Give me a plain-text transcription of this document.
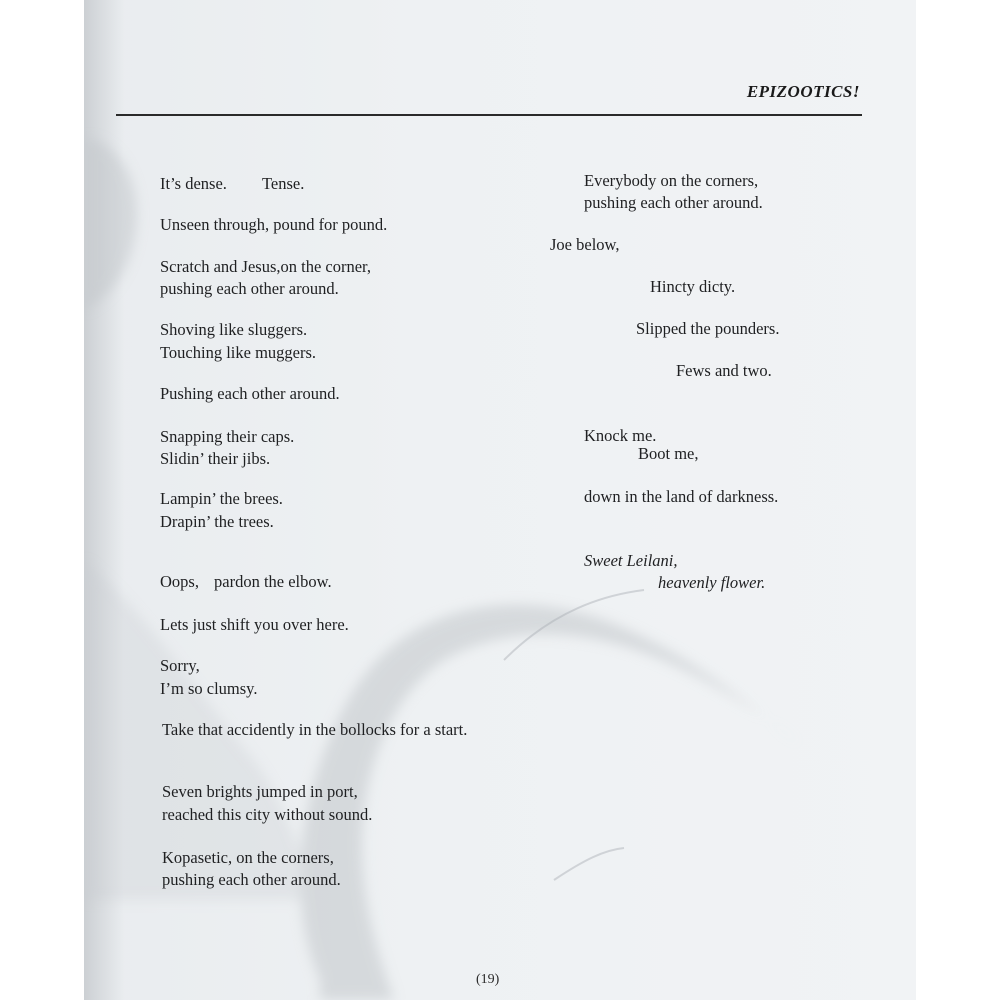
EPIZOOTICS!
It’s dense. Tense.
Unseen through, pound for pound.
Scratch and Jesus,on the corner,
pushing each other around.
Shoving like sluggers.
Touching like muggers.
Pushing each other around.
Snapping their caps.
Slidin’ their jibs.
Lampin’ the brees.
Drapin’ the trees.
Oops, pardon the elbow.
Lets just shift you over here.
Sorry,
I’m so clumsy.
Take that accidently in the bollocks for a start.
Seven brights jumped in port,
reached this city without sound.
Kopasetic, on the corners,
pushing each other around.
Everybody on the corners,
pushing each other around.
Joe below,
Hincty dicty.
Slipped the pounders.
Fews and two.
Knock me.
Boot me,
down in the land of darkness.
Sweet Leilani,
heavenly flower.
(19)
